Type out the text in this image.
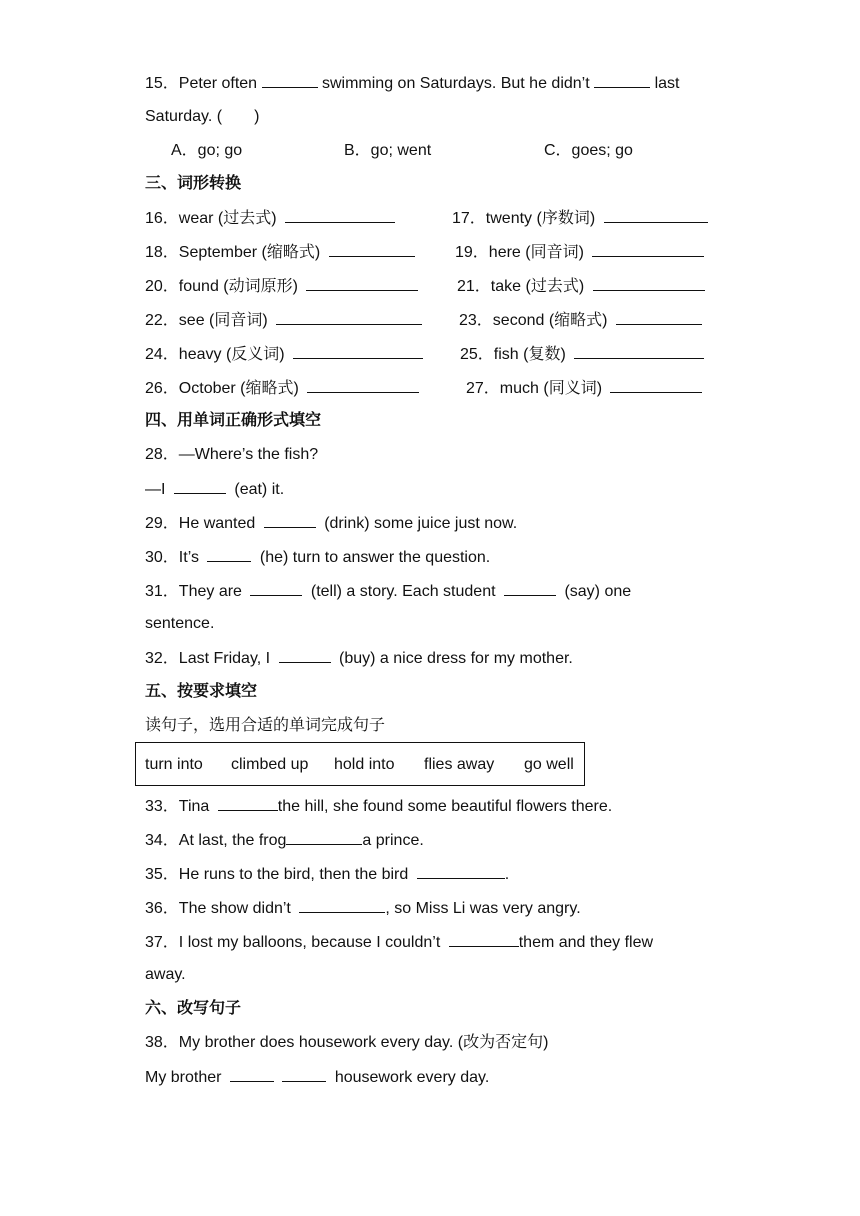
15．Peter often	swimming on Saturdays. But he didn’t	last
Saturday. (　　)
A．go; go	B．go; went	C．goes; go
三、词形转换
16．wear (过去式)	17．twenty (序数词)
18．September (缩略式)	19．here (同音词)
20．found (动词原形)	21．take (过去式)
22．see (同音词)	23．second (缩略式)
24．heavy (反义词)	25．fish (复数)
26．October (缩略式)	27．much (同义词)
四、用单词正确形式填空
28．—Where’s the fish?
—I	(eat) it.
29．He wanted	(drink) some juice just now.
30．It’s	(he) turn to answer the question.
31．They are	(tell) a story. Each student	(say) one
sentence.
32．Last Friday, I	(buy) a nice dress for my mother.
五、按要求填空
读句子，选用合适的单词完成句子
turn into climbed up hold into flies away go well
33．Tina	the hill, she found some beautiful flowers there.
34．At last, the frog	a prince.
35．He runs to the bird, then the bird	.
36．The show didn’t	, so Miss Li was very angry.
37．I lost my balloons, because I couldn’t	them and they flew
away.
六、改写句子
38．My brother does housework every day. (改为否定句)
My brother	housework every day.
